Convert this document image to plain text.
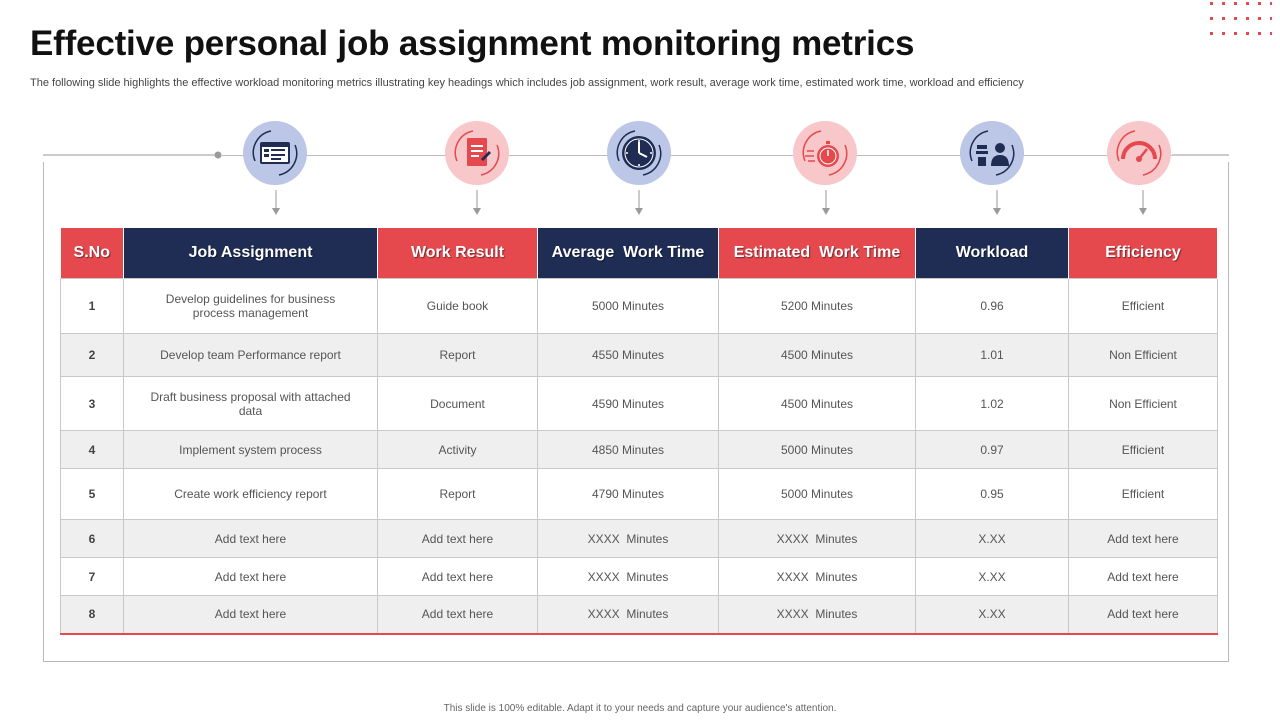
Effective personal job assignment monitoring metrics

The following slide highlights the effective workload monitoring metrics illustrating key headings which includes job assignment, work result, average work time, estimated work time, workload and efficiency

S.No	Job Assignment	Work Result	Average  Work Time	Estimated  Work Time	Workload	Efficiency
1	Develop guidelines for business process management	Guide book	5000 Minutes	5200 Minutes	0.96	Efficient
2	Develop team Performance report	Report	4550 Minutes	4500 Minutes	1.01	Non Efficient
3	Draft business proposal with attached data	Document	4590 Minutes	4500 Minutes	1.02	Non Efficient
4	Implement system process	Activity	4850 Minutes	5000 Minutes	0.97	Efficient
5	Create work efficiency report	Report	4790 Minutes	5000 Minutes	0.95	Efficient
6	Add text here	Add text here	XXXX  Minutes	XXXX  Minutes	X.XX	Add text here
7	Add text here	Add text here	XXXX  Minutes	XXXX  Minutes	X.XX	Add text here
8	Add text here	Add text here	XXXX  Minutes	XXXX  Minutes	X.XX	Add text here
This slide is 100% editable. Adapt it to your needs and capture your audience's attention.
